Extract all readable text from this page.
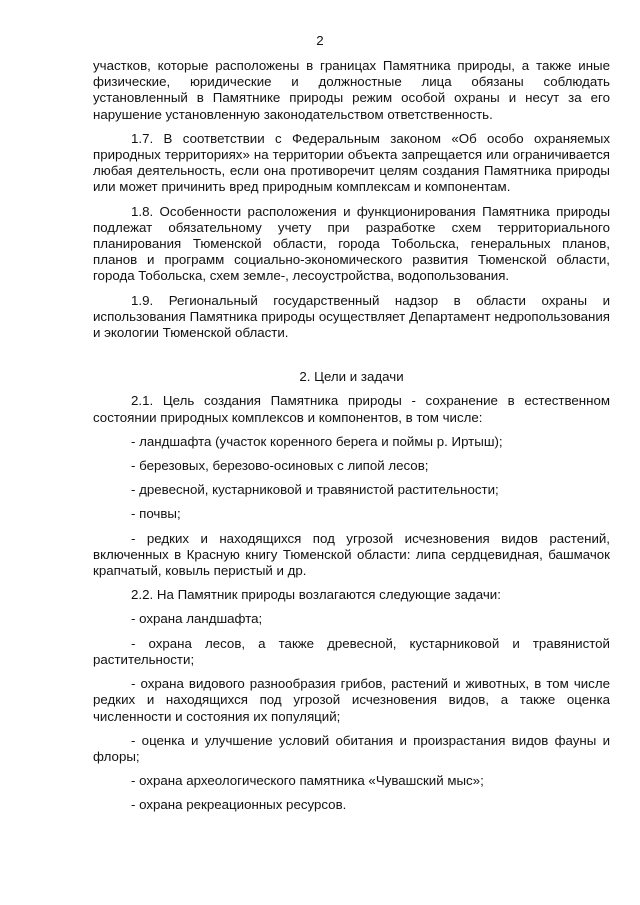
2

участков, которые расположены в границах Памятника природы, а также иные физические, юридические и должностные лица обязаны соблюдать установленный в Памятнике природы режим особой охраны и несут за его нарушение установленную законодательством ответственность.

1.7. В соответствии с Федеральным законом «Об особо охраняемых природных территориях» на территории объекта запрещается или ограничивается любая деятельность, если она противоречит целям создания Памятника природы или может причинить вред природным комплексам и компонентам.

1.8. Особенности расположения и функционирования Памятника природы подлежат обязательному учету при разработке схем территориального планирования Тюменской области, города Тобольска, генеральных планов, планов и программ социально-экономического развития Тюменской области, города Тобольска, схем земле-, лесоустройства, водопользования.

1.9. Региональный государственный надзор в области охраны и использования Памятника природы осуществляет Департамент недропользования и экологии Тюменской области.

2. Цели и задачи

2.1. Цель создания Памятника природы - сохранение в естественном состоянии природных комплексов и компонентов, в том числе:

- ландшафта (участок коренного берега и поймы р. Иртыш);

- березовых, березово-осиновых с липой лесов;

- древесной, кустарниковой и травянистой растительности;

- почвы;

- редких и находящихся под угрозой исчезновения видов растений, включенных в Красную книгу Тюменской области: липа сердцевидная, башмачок крапчатый, ковыль перистый и др.

2.2. На Памятник природы возлагаются следующие задачи:

- охрана ландшафта;

- охрана лесов, а также древесной, кустарниковой и травянистой растительности;

- охрана видового разнообразия грибов, растений и животных, в том числе редких и находящихся под угрозой исчезновения видов, а также оценка численности и состояния их популяций;

- оценка и улучшение условий обитания и произрастания видов фауны и флоры;

- охрана археологического памятника «Чувашский мыс»;

- охрана рекреационных ресурсов.
